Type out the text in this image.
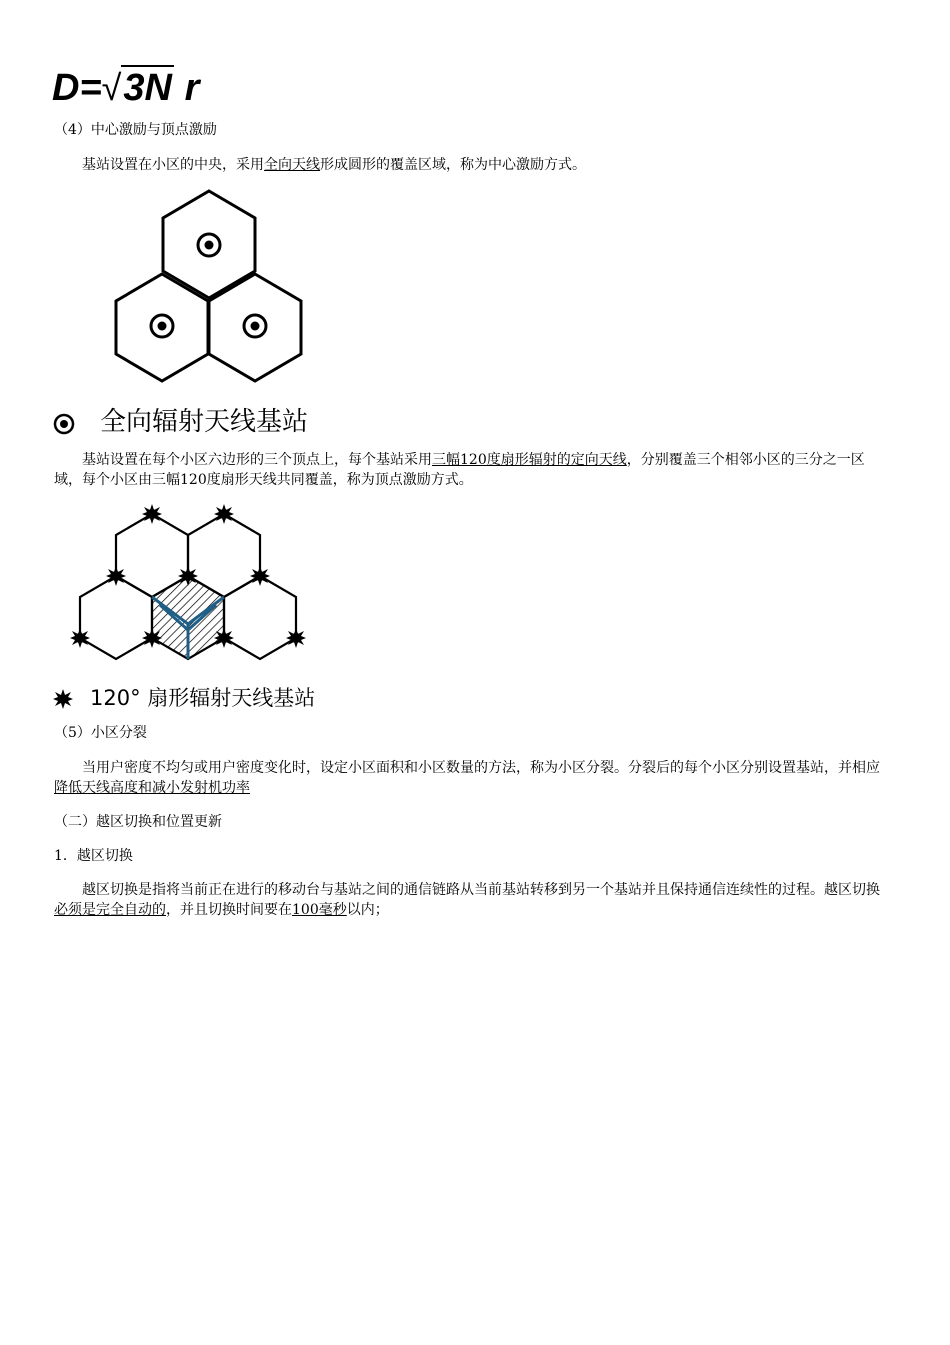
D=√3N r
（4）中心激励与顶点激励
基站设置在小区的中央，采用全向天线形成圆形的覆盖区域，称为中心激励方式。
全向辐射天线基站
基站设置在每个小区六边形的三个顶点上，每个基站采用三幅120度扇形辐射的定向天线，分别覆盖三个相邻小区的三分之一区域，每个小区由三幅120度扇形天线共同覆盖，称为顶点激励方式。
120° 扇形辐射天线基站
（5）小区分裂
当用户密度不均匀或用户密度变化时，设定小区面积和小区数量的方法，称为小区分裂。分裂后的每个小区分别设置基站，并相应降低天线高度和减小发射机功率
（二）越区切换和位置更新
1．越区切换
越区切换是指将当前正在进行的移动台与基站之间的通信链路从当前基站转移到另一个基站并且保持通信连续性的过程。越区切换必须是完全自动的，并且切换时间要在100毫秒以内；
